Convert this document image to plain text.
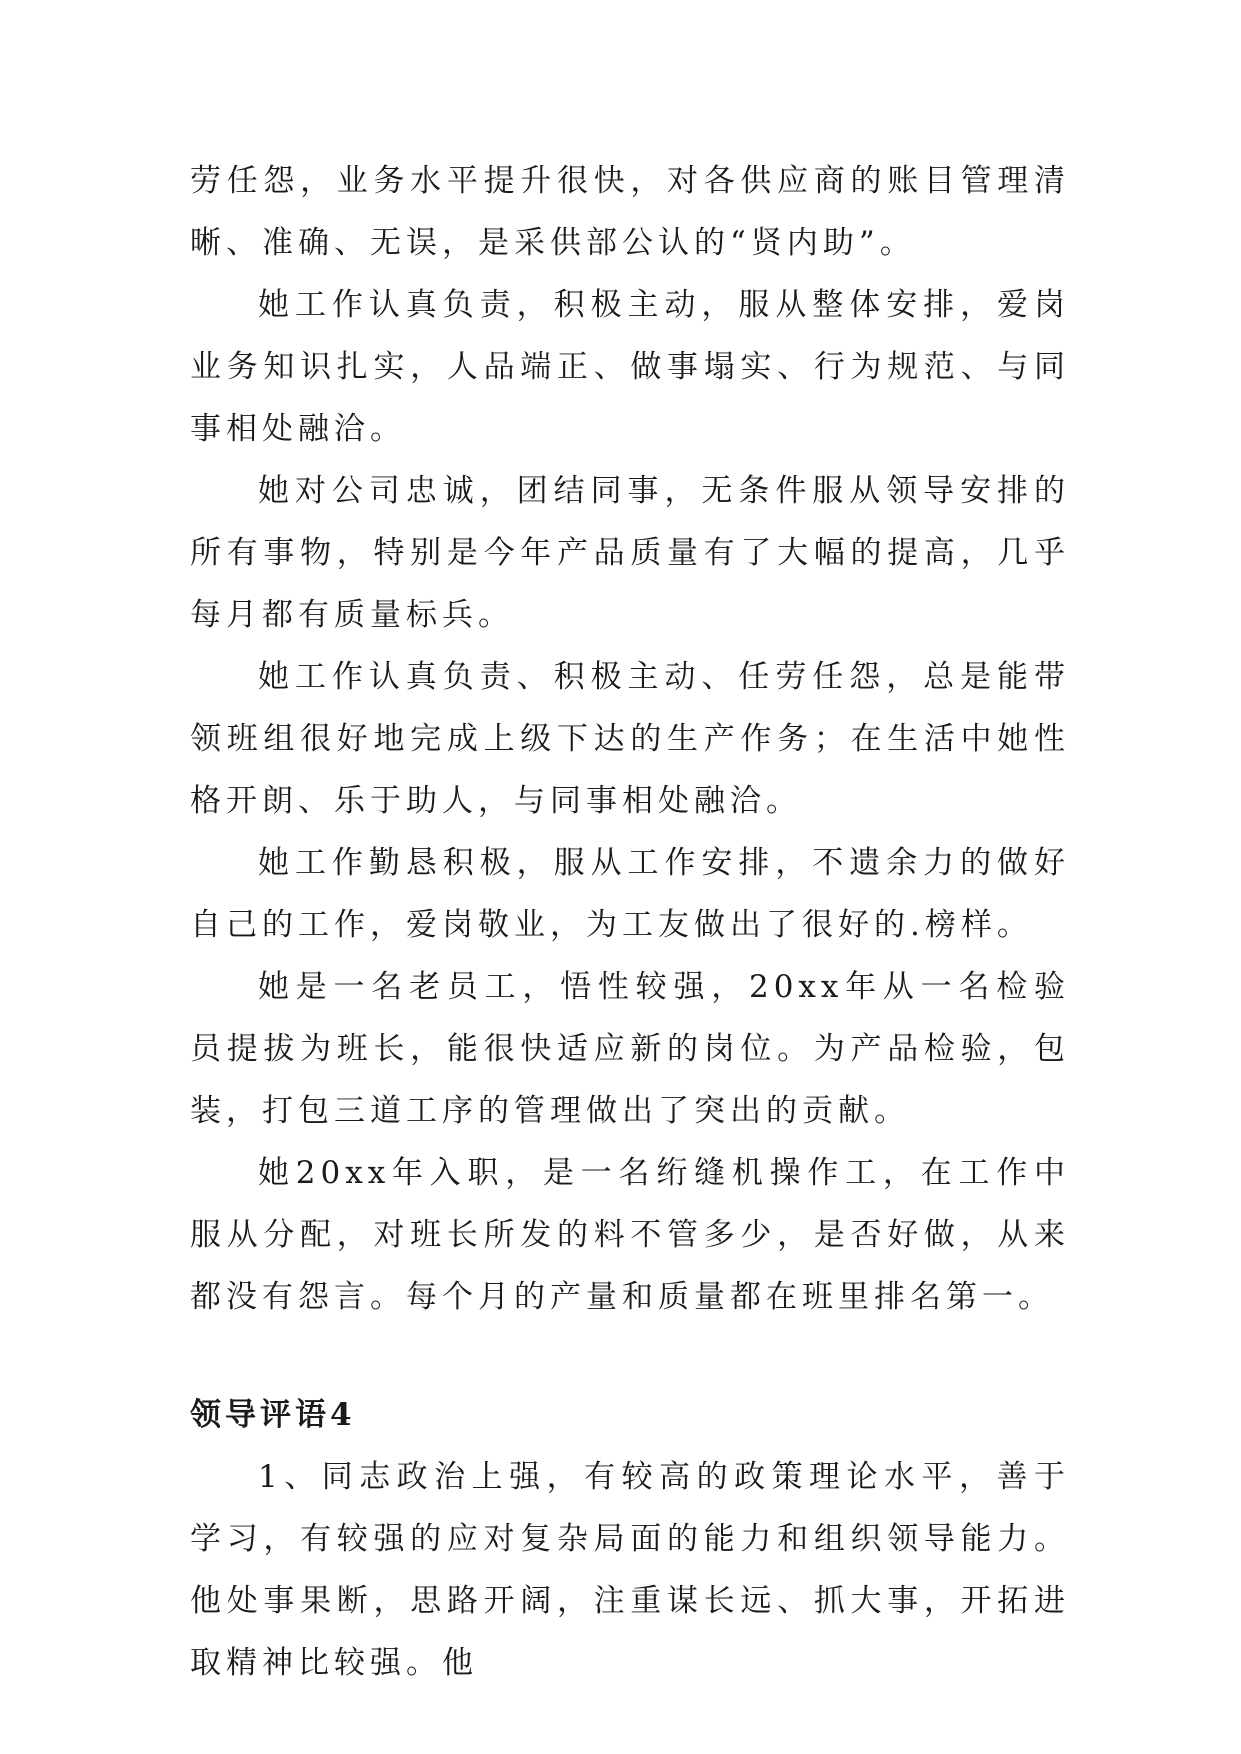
劳任怨，业务水平提升很快，对各供应商的账目管理清晰、准确、无误，是采供部公认的“贤内助”。

她工作认真负责，积极主动，服从整体安排，爱岗业务知识扎实，人品端正、做事塌实、行为规范、与同事相处融洽。

她对公司忠诚，团结同事，无条件服从领导安排的所有事物，特别是今年产品质量有了大幅的提高，几乎每月都有质量标兵。

她工作认真负责、积极主动、任劳任怨，总是能带领班组很好地完成上级下达的生产作务；在生活中她性格开朗、乐于助人，与同事相处融洽。

她工作勤恳积极，服从工作安排，不遗余力的做好自己的工作，爱岗敬业，为工友做出了很好的.榜样。

她是一名老员工，悟性较强，20xx年从一名检验员提拔为班长，能很快适应新的岗位。为产品检验，包装，打包三道工序的管理做出了突出的贡献。

她20xx年入职，是一名绗缝机操作工，在工作中服从分配，对班长所发的料不管多少，是否好做，从来都没有怨言。每个月的产量和质量都在班里排名第一。

领导评语4

1、同志政治上强，有较高的政策理论水平，善于学习，有较强的应对复杂局面的能力和组织领导能力。他处事果断，思路开阔，注重谋长远、抓大事，开拓进取精神比较强。他
